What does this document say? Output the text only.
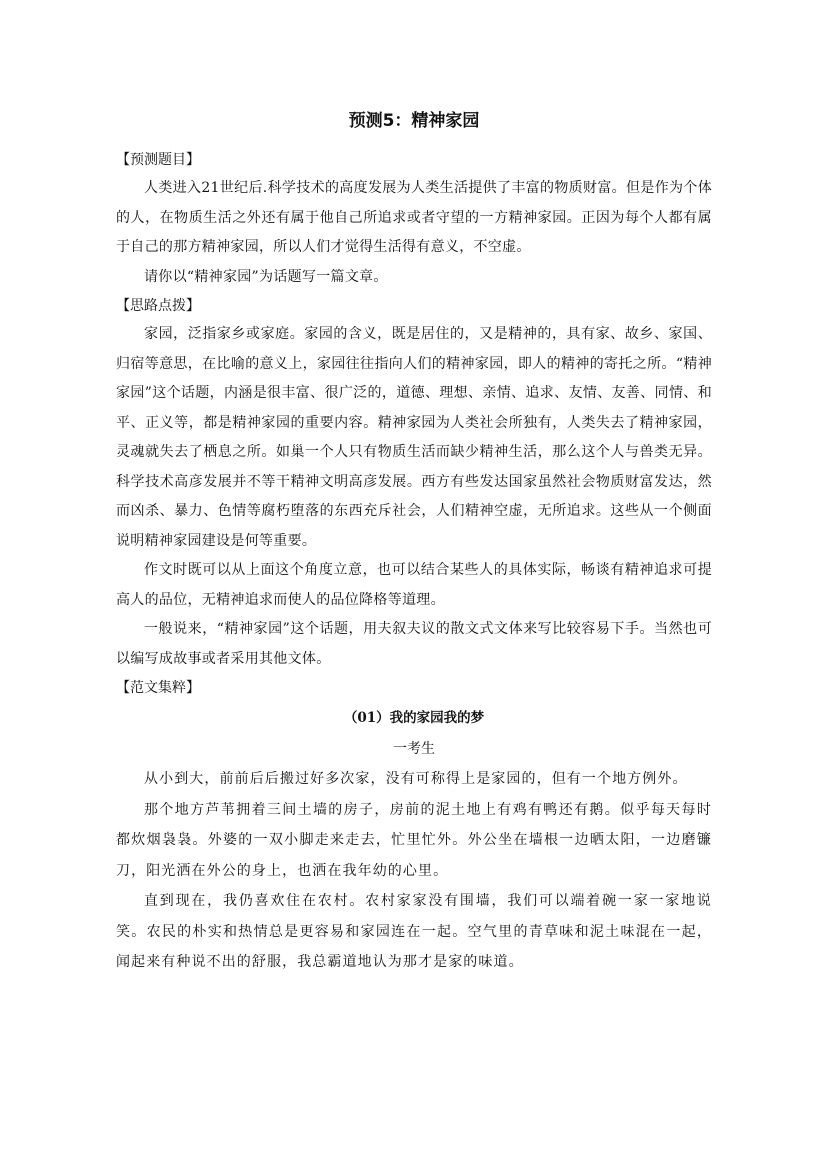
预测5：精神家园

【预测题目】

人类进入21世纪后.科学技术的高度发展为人类生活提供了丰富的物质财富。但是作为个体的人，在物质生活之外还有属于他自己所追求或者守望的一方精神家园。正因为每个人都有属于自己的那方精神家园，所以人们才觉得生活得有意义，不空虚。

请你以“精神家园”为话题写一篇文章。

【思路点拨】

家园，泛指家乡或家庭。家园的含义，既是居住的，又是精神的，具有家、故乡、家国、归宿等意思，在比喻的意义上，家园往往指向人们的精神家园，即人的精神的寄托之所。“精神家园”这个话题，内涵是很丰富、很广泛的，道德、理想、亲情、追求、友情、友善、同情、和平、正义等，都是精神家园的重要内容。精神家园为人类社会所独有，人类失去了精神家园，灵魂就失去了栖息之所。如巢一个人只有物质生活而缺少精神生活，那么这个人与兽类无异。科学技术高彦发展并不等干精神文明高彦发展。西方有些发达国家虽然社会物质财富发达，然而凶杀、暴力、色情等腐朽堕落的东西充斥社会，人们精神空虚，无所追求。这些从一个侧面说明精神家园建设是何等重要。

作文时既可以从上面这个角度立意，也可以结合某些人的具体实际，畅谈有精神追求可提高人的品位，无精神追求而使人的品位降格等道理。

一般说来，“精神家园”这个话题，用夫叙夫议的散文式文体来写比较容易下手。当然也可以编写成故事或者采用其他文体。

【范文集粹】

（01）我的家园我的梦

一考生

从小到大，前前后后搬过好多次家，没有可称得上是家园的，但有一个地方例外。

那个地方芦苇拥着三间土墙的房子，房前的泥土地上有鸡有鸭还有鹅。似乎每天每时都炊烟袅袅。外婆的一双小脚走来走去，忙里忙外。外公坐在墙根一边晒太阳，一边磨镰刀，阳光洒在外公的身上，也洒在我年幼的心里。

直到现在，我仍喜欢住在农村。农村家家没有围墙，我们可以端着碗一家一家地说笑。农民的朴实和热情总是更容易和家园连在一起。空气里的青草味和泥土味混在一起，闻起来有种说不出的舒服，我总霸道地认为那才是家的味道。
